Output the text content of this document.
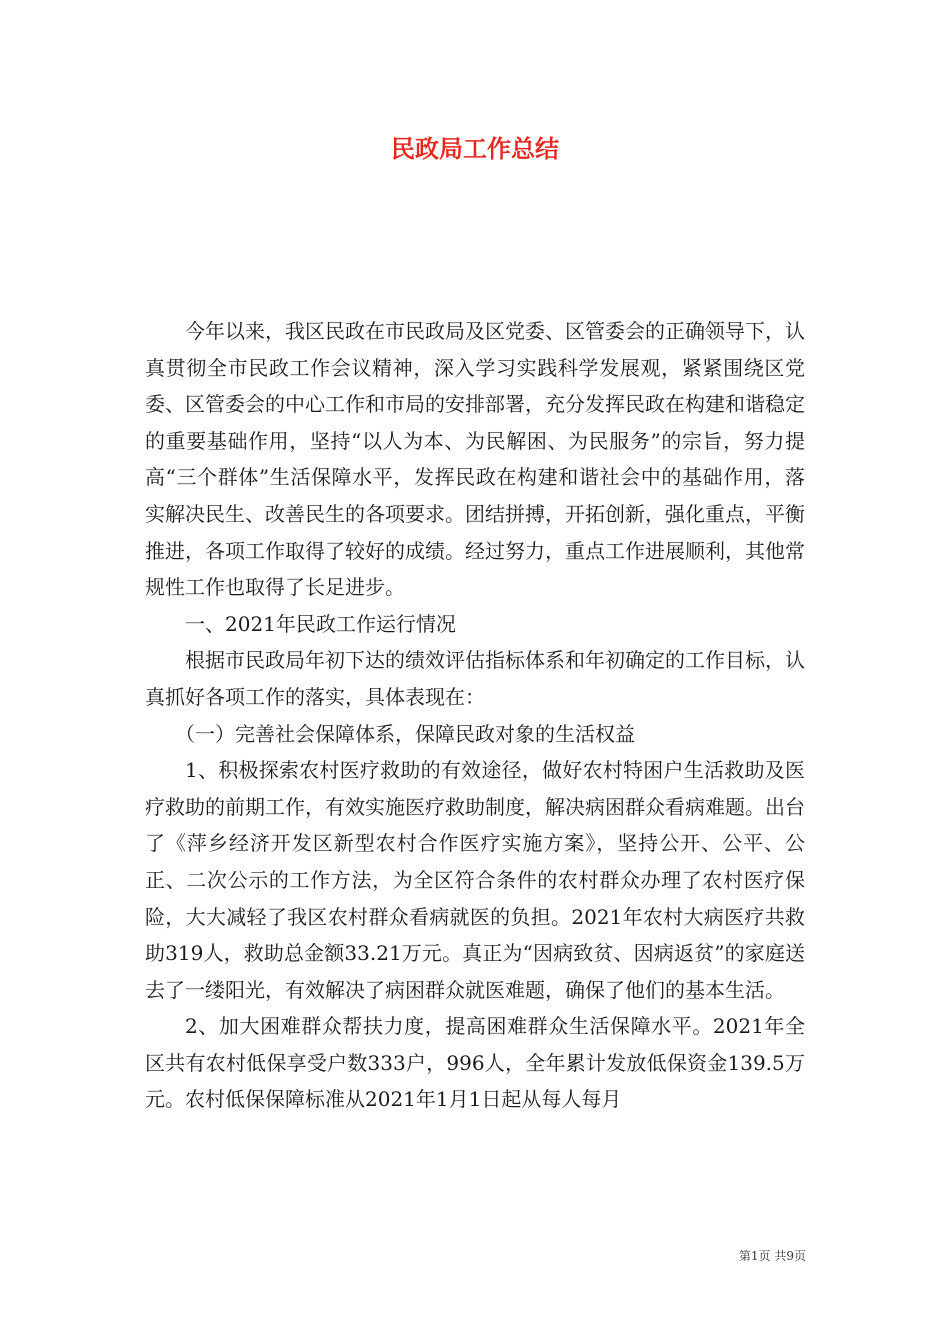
民政局工作总结

今年以来，我区民政在市民政局及区党委、区管委会的正确领导下，认真贯彻全市民政工作会议精神，深入学习实践科学发展观，紧紧围绕区党委、区管委会的中心工作和市局的安排部署，充分发挥民政在构建和谐稳定的重要基础作用，坚持“以人为本、为民解困、为民服务”的宗旨，努力提高“三个群体”生活保障水平，发挥民政在构建和谐社会中的基础作用，落实解决民生、改善民生的各项要求。团结拼搏，开拓创新，强化重点，平衡推进，各项工作取得了较好的成绩。经过努力，重点工作进展顺利，其他常规性工作也取得了长足进步。

一、2021年民政工作运行情况

根据市民政局年初下达的绩效评估指标体系和年初确定的工作目标，认真抓好各项工作的落实，具体表现在：

（一）完善社会保障体系，保障民政对象的生活权益

1、积极探索农村医疗救助的有效途径，做好农村特困户生活救助及医疗救助的前期工作，有效实施医疗救助制度，解决病困群众看病难题。出台了《萍乡经济开发区新型农村合作医疗实施方案》，坚持公开、公平、公正、二次公示的工作方法，为全区符合条件的农村群众办理了农村医疗保险，大大减轻了我区农村群众看病就医的负担。2021年农村大病医疗共救助319人，救助总金额33.21万元。真正为“因病致贫、因病返贫”的家庭送去了一缕阳光，有效解决了病困群众就医难题，确保了他们的基本生活。

2、加大困难群众帮扶力度，提高困难群众生活保障水平。2021年全区共有农村低保享受户数333户，996人，全年累计发放低保资金139.5万元。农村低保保障标准从2021年1月1日起从每人每月

第1页 共9页
